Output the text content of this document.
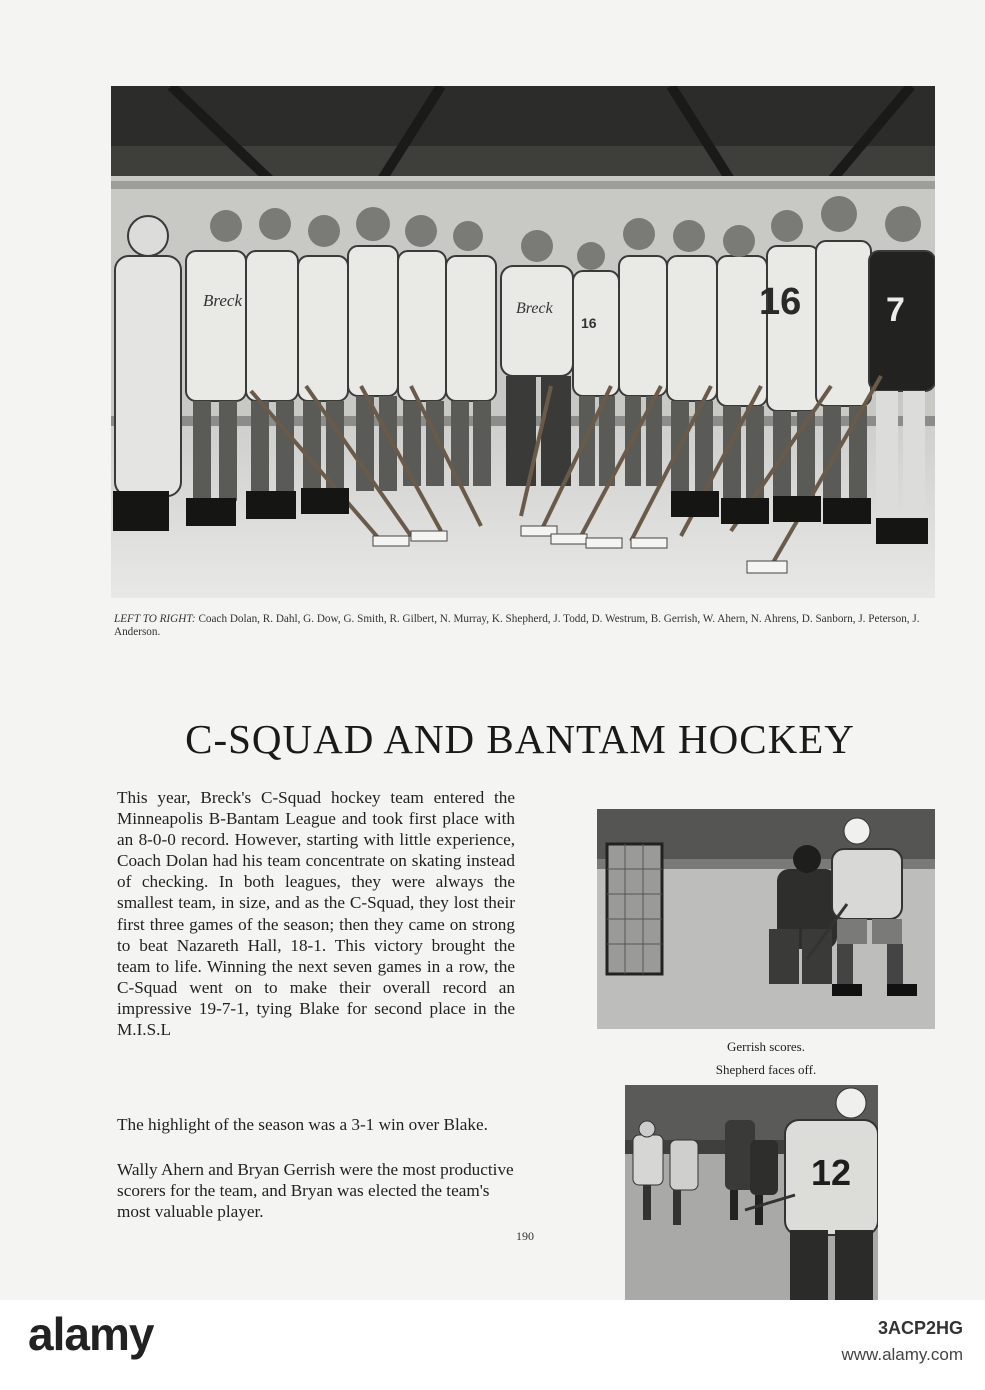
Breck	Breck
16	16 7
LEFT TO RIGHT: Coach Dolan, R. Dahl, G. Dow, G. Smith, R. Gilbert, N. Murray, K. Shepherd, J. Todd, D. Westrum, B. Gerrish, W. Ahern, N. Ahrens, D. Sanborn, J. Peterson, J. Anderson.
C-SQUAD AND BANTAM HOCKEY

This year, Breck's C-Squad hockey team entered the Minneapolis B-Bantam League and took first place with an 8-0-0 record. However, starting with little experience, Coach Dolan had his team concentrate on skating instead of checking. In both leagues, they were always the smallest team, in size, and as the C-Squad, they lost their first three games of the season; then they came on strong to beat Nazareth Hall, 18-1. This victory brought the team to life. Winning the next seven games in a row, the C-Squad went on to make their overall record an impressive 19-7-1, tying Blake for second place in the M.I.S.L

The highlight of the season was a 3-1 win over Blake.

Wally Ahern and Bryan Gerrish were the most productive scorers for the team, and Bryan was elected the team's most valuable player.

190
Gerrish scores.
Shepherd faces off.
12
alamy	3ACP2HG
www.alamy.com
